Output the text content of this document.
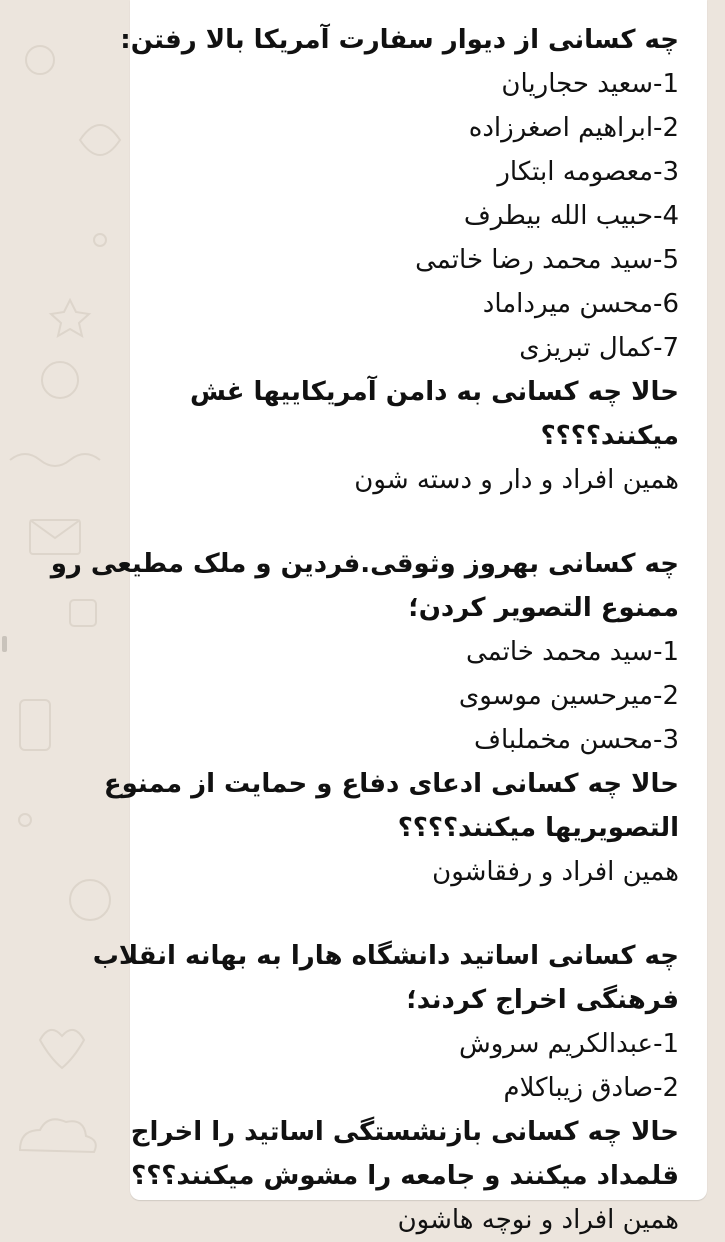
چه کسانی از دیوار سفارت آمریکا بالا رفتن:
1-سعید حجاریان
2-ابراهیم اصغرزاده
3-معصومه ابتکار
4-حبیب الله بیطرف
5-سید محمد رضا خاتمی
6-محسن میرداماد
7-کمال تبریزی
حالا چه کسانی به دامن آمریکاییها غش
میکنند؟؟؟؟
همین افراد و دار و دسته شون
چه کسانی بهروز وثوقی.فردین و ملک مطیعی رو
ممنوع التصویر کردن؛
1-سید محمد خاتمی
2-میرحسین موسوی
3-محسن مخملباف
حالا چه کسانی ادعای دفاع و حمایت از ممنوع
التصویریها میکنند؟؟؟؟
همین افراد و رفقاشون
چه کسانی اساتید دانشگاه هارا به بهانه انقلاب
فرهنگی اخراج کردند؛
1-عبدالکریم سروش
2-صادق زیباکلام
حالا چه کسانی بازنشستگی اساتید را اخراج
قلمداد میکنند و جامعه را مشوش میکنند؟؟؟
همین افراد و نوچه هاشون
